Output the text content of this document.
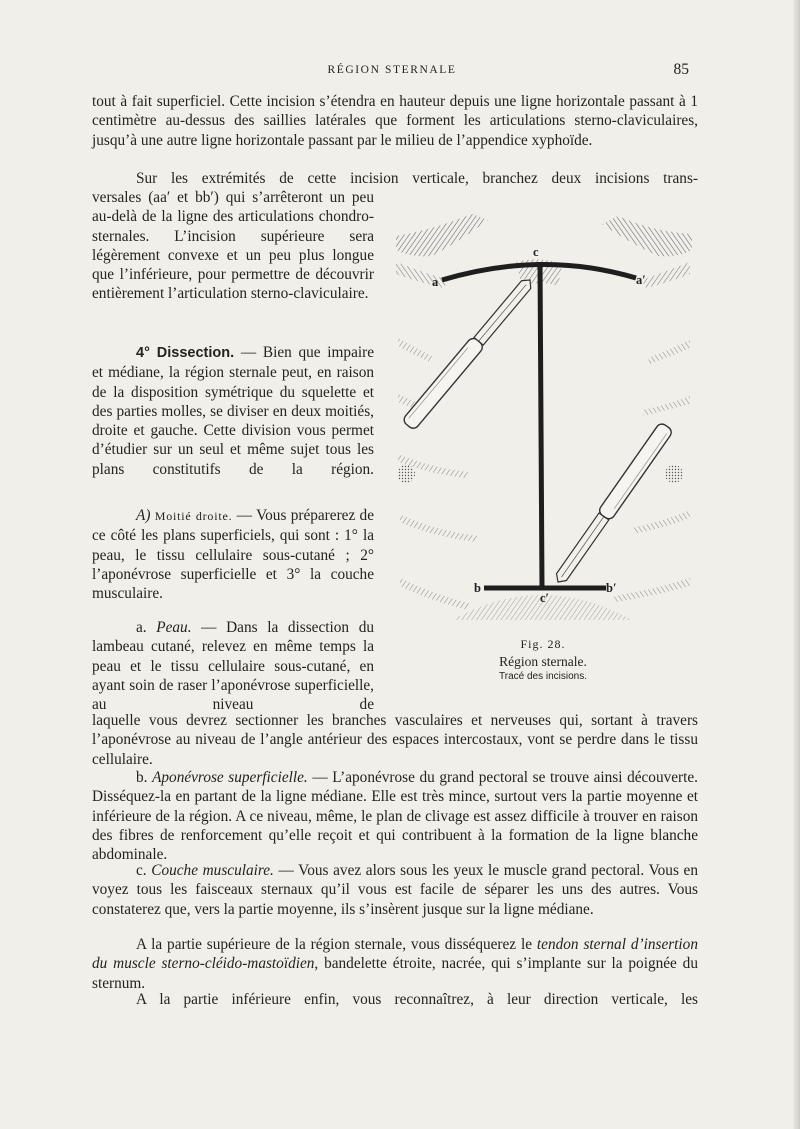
RÉGION STERNALE	85

tout à fait superficiel. Cette incision s’étendra en hauteur depuis une ligne horizontale passant à 1 centimètre au-dessus des saillies latérales que forment les articulations sterno-claviculaires, jusqu’à une autre ligne horizontale passant par le milieu de l’appendice xyphoïde.

Sur les extrémités de cette incision verticale, branchez deux incisions trans-

versales (aa′ et bb′) qui s’arrêteront un peu au-delà de la ligne des articulations chondro-sternales. L’incision supérieure sera légèrement convexe et un peu plus longue que l’inférieure, pour permettre de découvrir entièrement l’articulation sterno-claviculaire.

4° Dissection. — Bien que impaire et médiane, la région sternale peut, en raison de la disposition symétrique du squelette et des parties molles, se diviser en deux moitiés, droite et gauche. Cette division vous permet d’étudier sur un seul et même sujet tous les plans constitutifs de la région.

A) Moitié droite. — Vous préparerez de ce côté les plans superficiels, qui sont : 1° la peau, le tissu cellulaire sous-cutané ; 2° l’aponévrose superficielle et 3° la couche musculaire.

a. Peau. — Dans la dissection du lambeau cutané, relevez en même temps la peau et le tissu cellulaire sous-cutané, en ayant soin de raser l’aponévrose superficielle, au niveau de

laquelle vous devrez sectionner les branches vasculaires et nerveuses qui, sortant à travers l’aponévrose au niveau de l’angle antérieur des espaces intercostaux, vont se perdre dans le tissu cellulaire.

b. Aponévrose superficielle. — L’aponévrose du grand pectoral se trouve ainsi découverte. Disséquez-la en partant de la ligne médiane. Elle est très mince, surtout vers la partie moyenne et inférieure de la région. A ce niveau, même, le plan de clivage est assez difficile à trouver en raison des fibres de renforcement qu’elle reçoit et qui contribuent à la formation de la ligne blanche abdominale.

c. Couche musculaire. — Vous avez alors sous les yeux le muscle grand pectoral. Vous en voyez tous les faisceaux sternaux qu’il vous est facile de séparer les uns des autres. Vous constaterez que, vers la partie moyenne, ils s’insèrent jusque sur la ligne médiane.

A la partie supérieure de la région sternale, vous disséquerez le tendon sternal d’insertion du muscle sterno-cléido-mastoïdien, bandelette étroite, nacrée, qui s’implante sur la poignée du sternum.

A la partie inférieure enfin, vous reconnaîtrez, à leur direction verticale, les

c
a	a′
b	b′
c′
Fig. 28.
Région sternale.
Tracé des incisions.
